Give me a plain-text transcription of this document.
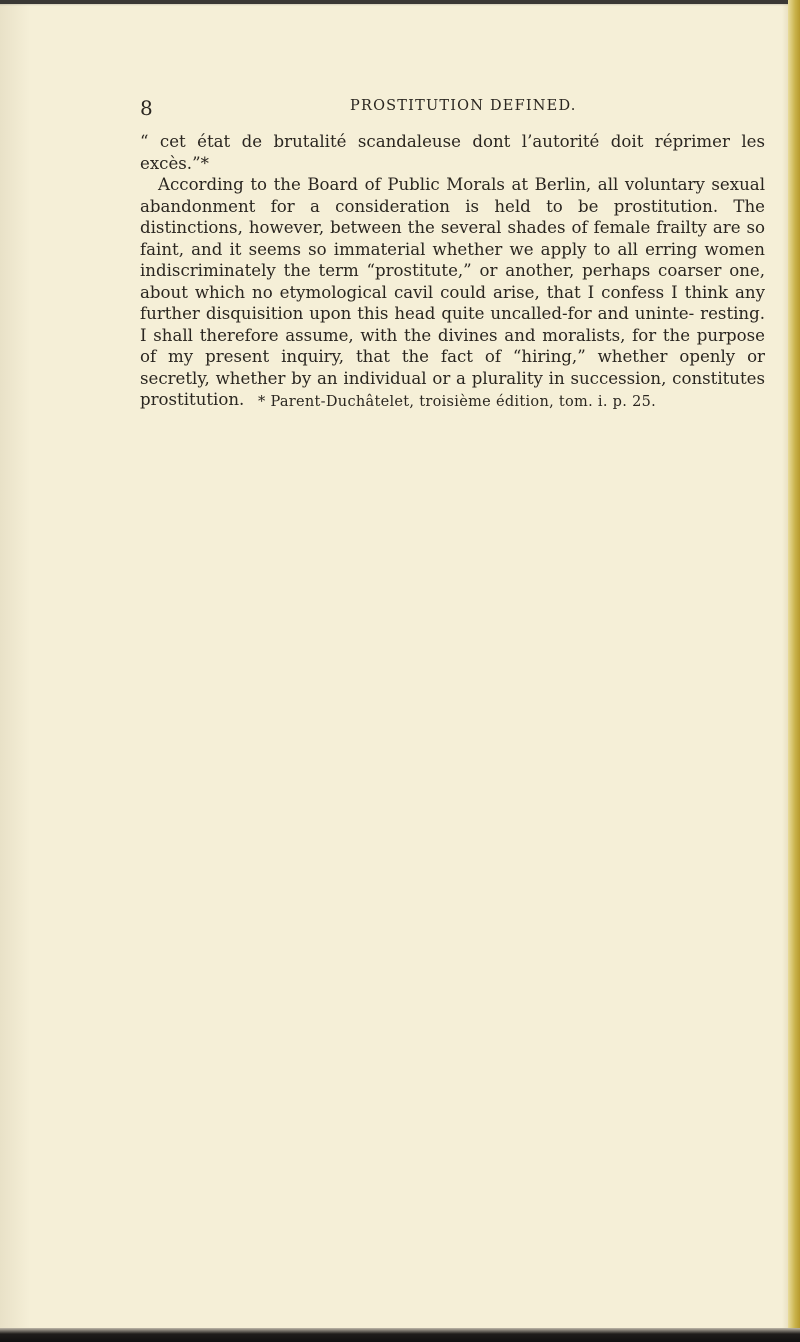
8	PROSTITUTION DEFINED.

“ cet état de brutalité scandaleuse dont l’autorité doit réprimer les excès.”*

According to the Board of Public Morals at Berlin, all voluntary sexual abandonment for a consideration is held to be prostitution. The distinctions, however, between the several shades of female frailty are so faint, and it seems so immaterial whether we apply to all erring women indiscriminately the term “prostitute,” or another, perhaps coarser one, about which no etymological cavil could arise, that I confess I think any further disquisition upon this head quite uncalled-for and uninte- resting. I shall therefore assume, with the divines and moralists, for the purpose of my present inquiry, that the fact of “hiring,” whether openly or secretly, whether by an individual or a plurality in succession, constitutes prostitution. * Parent-Duchâtelet, troisième édition, tom. i. p. 25.
